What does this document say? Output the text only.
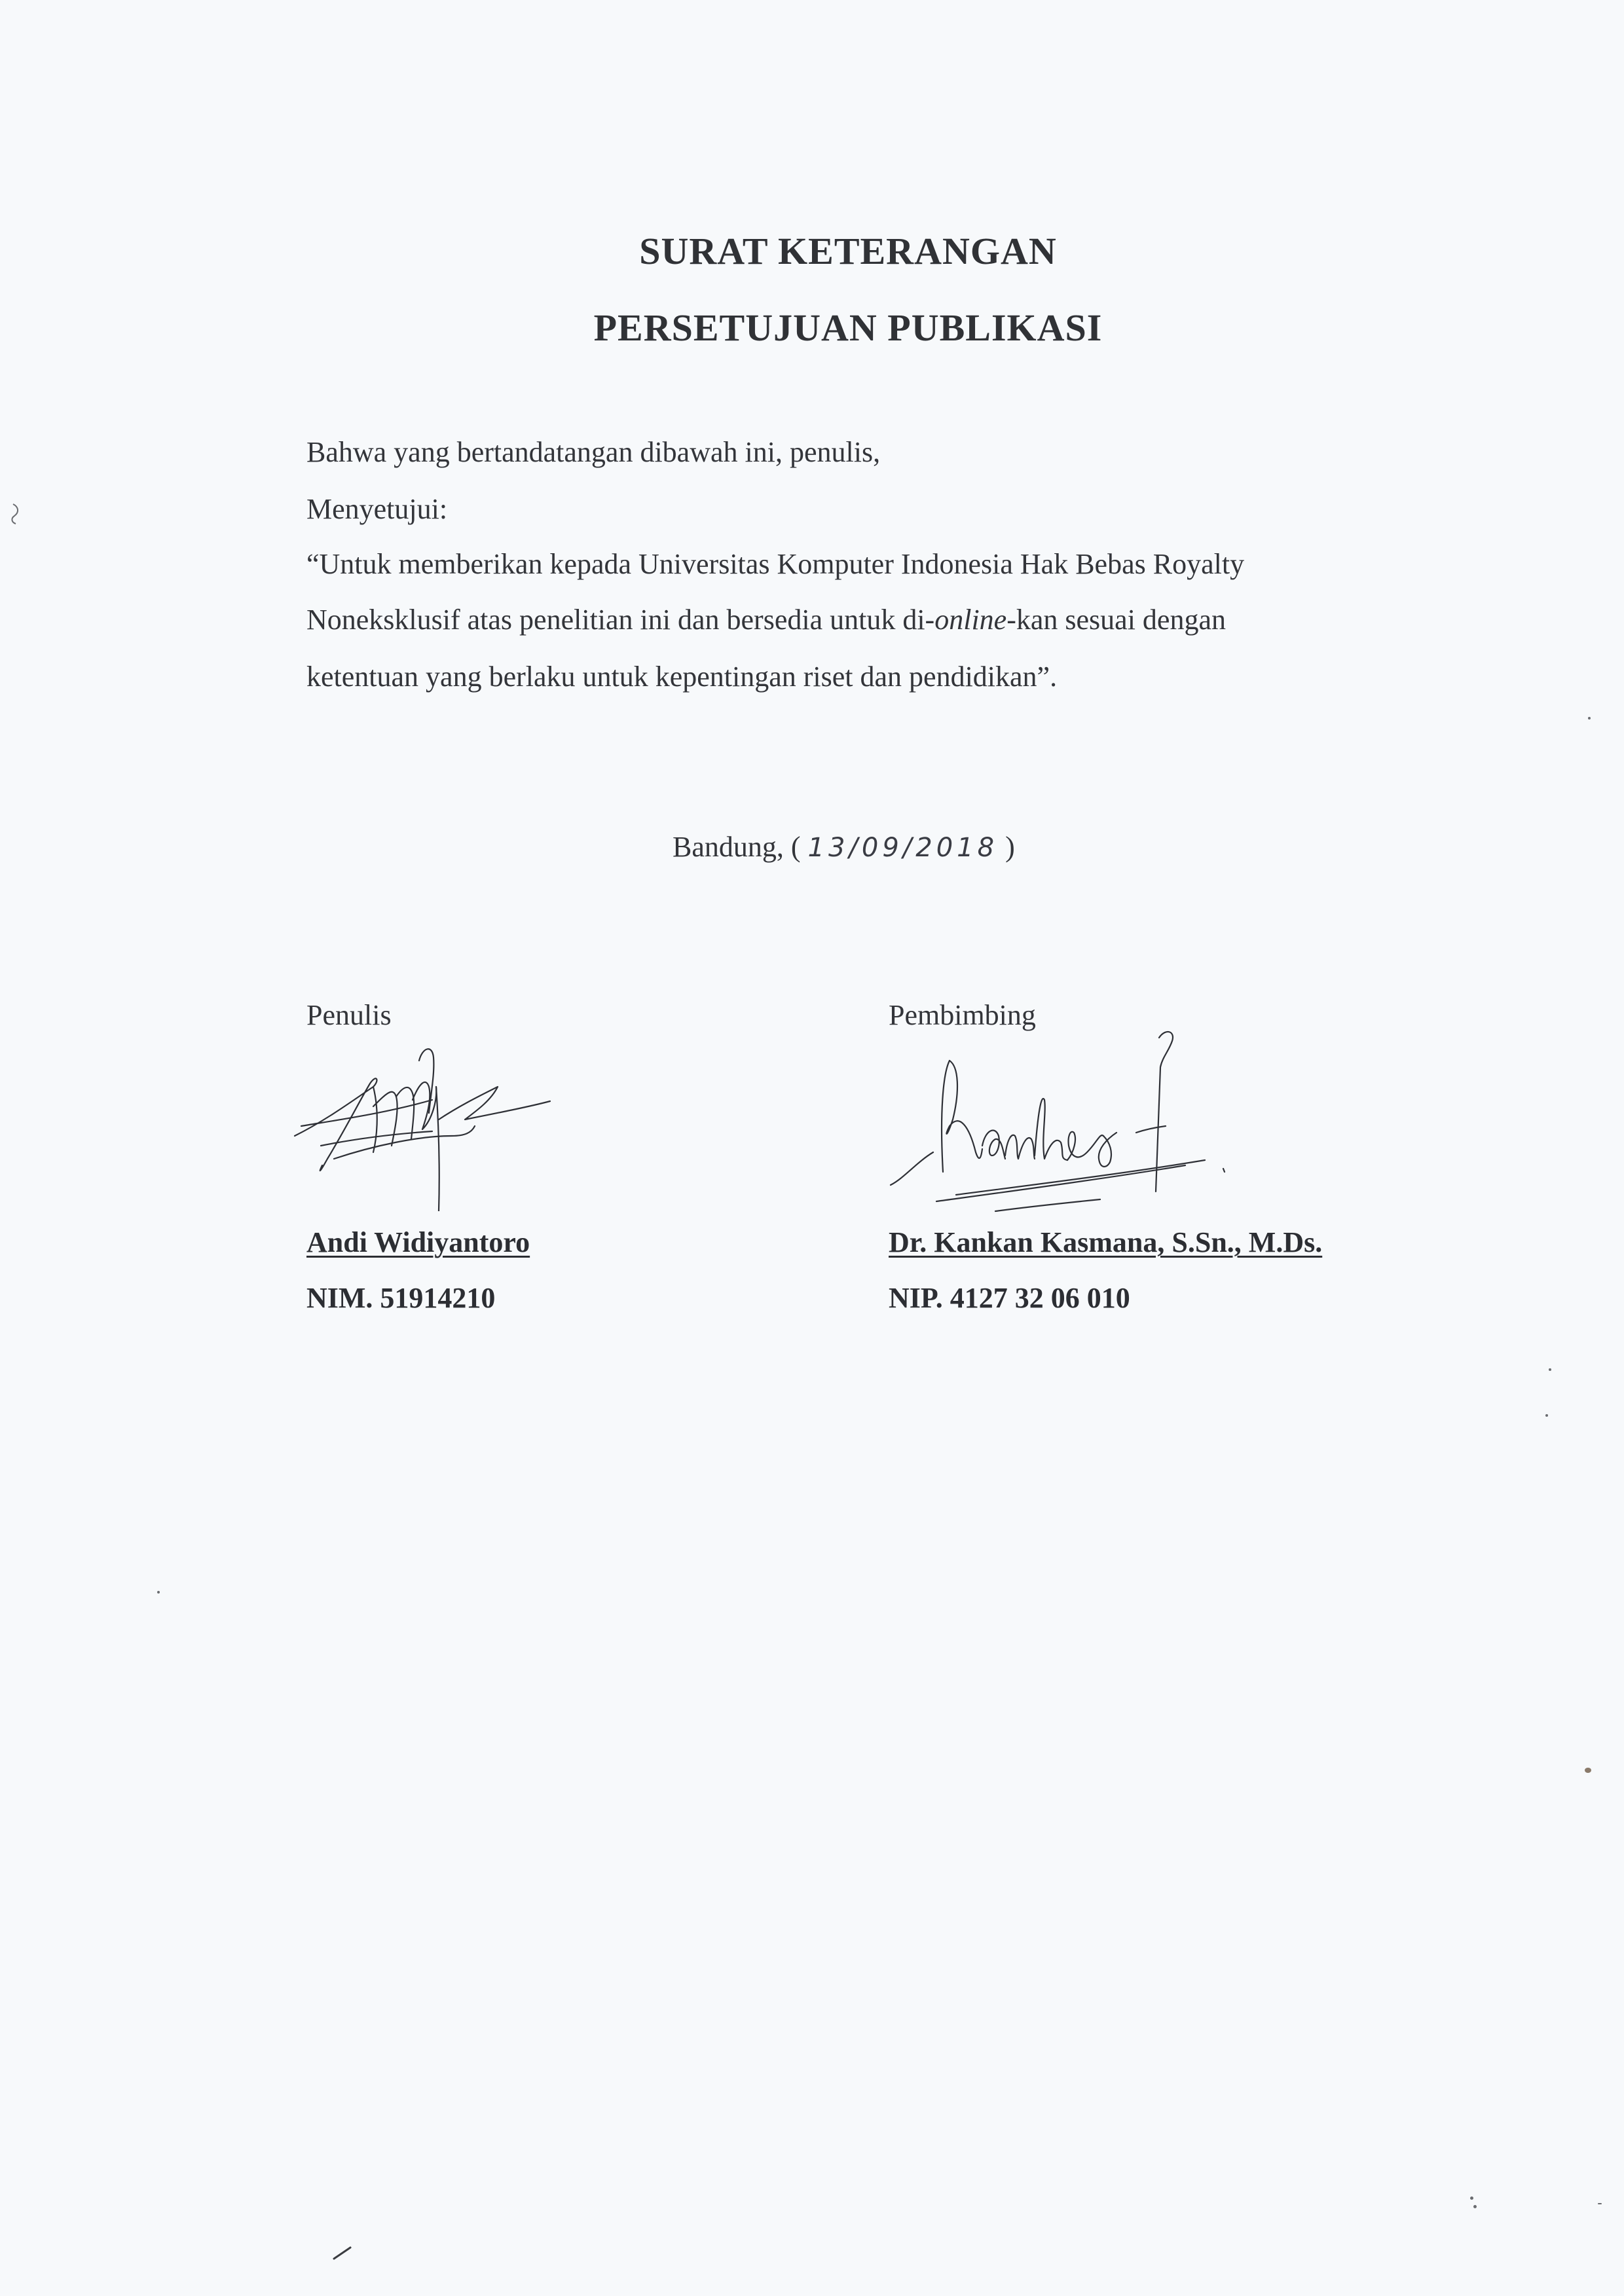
SURAT KETERANGAN
PERSETUJUAN PUBLIKASI
Bahwa yang bertandatangan dibawah ini, penulis,
Menyetujui:
“Untuk memberikan kepada Universitas Komputer Indonesia Hak Bebas Royalty
Noneksklusif atas penelitian ini dan bersedia untuk di-online-kan sesuai dengan
ketentuan yang berlaku untuk kepentingan riset dan pendidikan”.
Bandung, ( 13/09/2018 )
Penulis	Pembimbing
Andi Widiyantoro	Dr. Kankan Kasmana, S.Sn., M.Ds.
NIM. 51914210	NIP. 4127 32 06 010
